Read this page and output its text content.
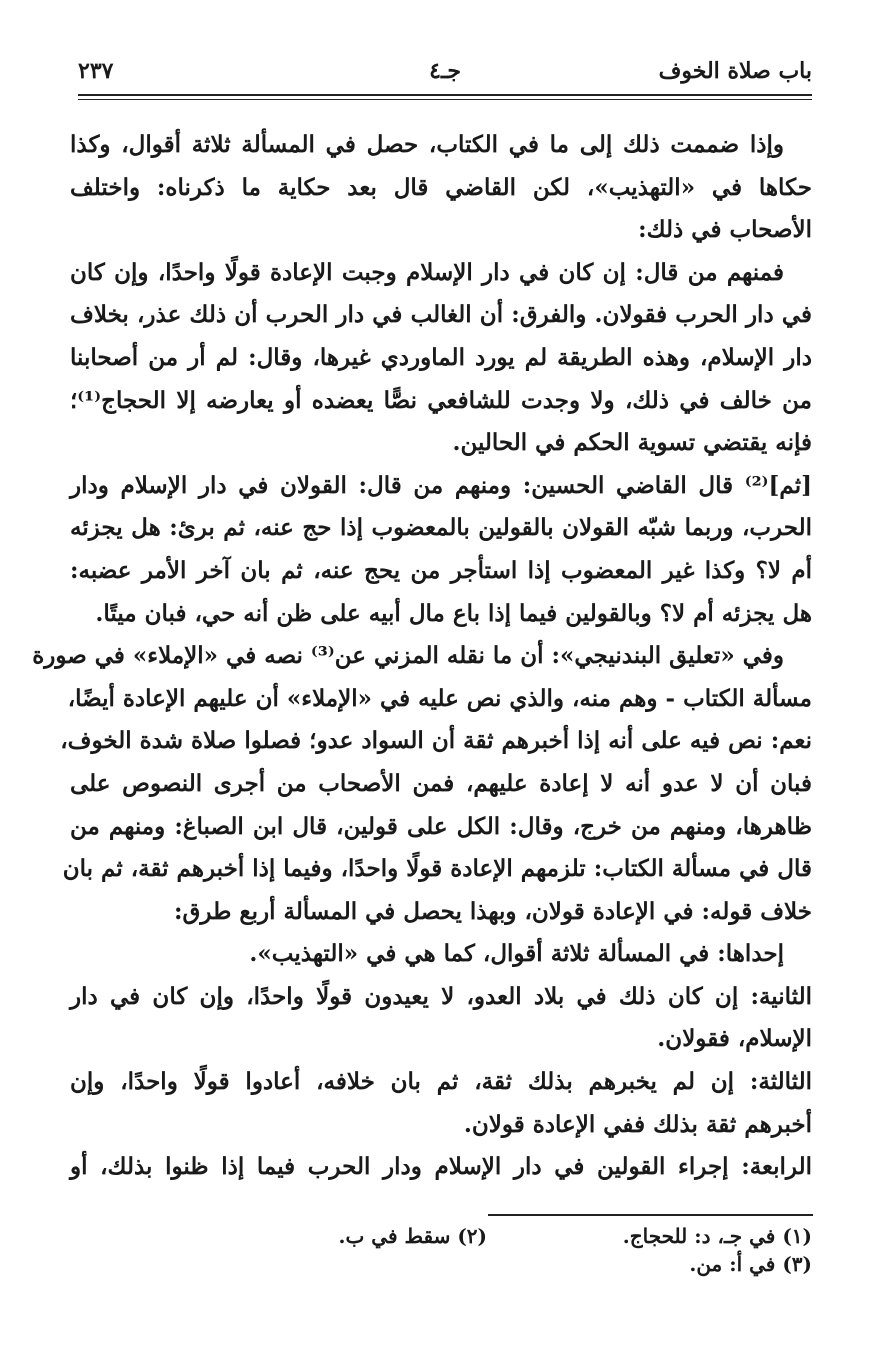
باب صلاة الخوف
جـ٤
٢٣٧
وإذا ضممت ذلك إلى ما في الكتاب، حصل في المسألة ثلاثة أقوال، وكذا
حكاها في «التهذيب»، لكن القاضي قال بعد حكاية ما ذكرناه: واختلف
الأصحاب في ذلك:
فمنهم من قال: إن كان في دار الإسلام وجبت الإعادة قولًا واحدًا، وإن كان
في دار الحرب فقولان. والفرق: أن الغالب في دار الحرب أن ذلك عذر، بخلاف
دار الإسلام، وهذه الطريقة لم يورد الماوردي غيرها، وقال: لم أر من أصحابنا
من خالف في ذلك، ولا وجدت للشافعي نصًّا يعضده أو يعارضه إلا الحجاج⁽¹⁾؛
فإنه يقتضي تسوية الحكم في الحالين.
[ثم]⁽²⁾ قال القاضي الحسين: ومنهم من قال: القولان في دار الإسلام ودار
الحرب، وربما شبّه القولان بالقولين بالمعضوب إذا حج عنه، ثم برئ: هل يجزئه
أم لا؟ وكذا غير المعضوب إذا استأجر من يحج عنه، ثم بان آخر الأمر عضبه:
هل يجزئه أم لا؟ وبالقولين فيما إذا باع مال أبيه على ظن أنه حي، فبان ميتًا.
وفي «تعليق البندنيجي»: أن ما نقله المزني عن⁽³⁾ نصه في «الإملاء» في صورة
مسألة الكتاب - وهم منه، والذي نص عليه في «الإملاء» أن عليهم الإعادة أيضًا،
نعم: نص فيه على أنه إذا أخبرهم ثقة أن السواد عدو؛ فصلوا صلاة شدة الخوف،
فبان أن لا عدو أنه لا إعادة عليهم، فمن الأصحاب من أجرى النصوص على
ظاهرها، ومنهم من خرج، وقال: الكل على قولين، قال ابن الصباغ: ومنهم من
قال في مسألة الكتاب: تلزمهم الإعادة قولًا واحدًا، وفيما إذا أخبرهم ثقة، ثم بان
خلاف قوله: في الإعادة قولان، وبهذا يحصل في المسألة أربع طرق:
إحداها: في المسألة ثلاثة أقوال، كما هي في «التهذيب».
الثانية: إن كان ذلك في بلاد العدو، لا يعيدون قولًا واحدًا، وإن كان في دار
الإسلام، فقولان.
الثالثة: إن لم يخبرهم بذلك ثقة، ثم بان خلافه، أعادوا قولًا واحدًا، وإن
أخبرهم ثقة بذلك ففي الإعادة قولان.
الرابعة: إجراء القولين في دار الإسلام ودار الحرب فيما إذا ظنوا بذلك، أو
(١) في جـ، د: للحجاج.
(٢) سقط في ب.
(٣) في أ: من.
